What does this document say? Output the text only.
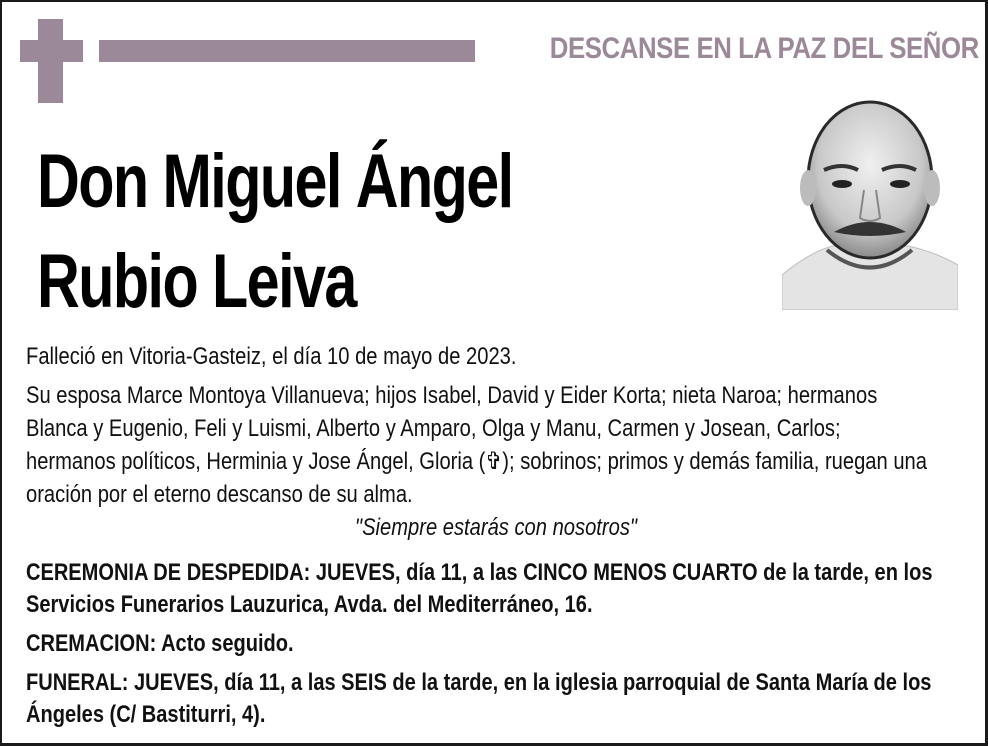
DESCANSE EN LA PAZ DEL SEÑOR
Don Miguel Ángel
Rubio Leiva

Falleció en Vitoria-Gasteiz, el día 10 de mayo de 2023.

Su esposa Marce Montoya Villanueva; hijos Isabel, David y Eider Korta; nieta Naroa; hermanos Blanca y Eugenio, Feli y Luismi, Alberto y Amparo, Olga y Manu, Carmen y Josean, Carlos; hermanos políticos, Herminia y Jose Ángel, Gloria (✞); sobrinos; primos y demás familia, ruegan una oración por el eterno descanso de su alma.

"Siempre estarás con nosotros"

CEREMONIA DE DESPEDIDA: JUEVES, día 11, a las CINCO MENOS CUARTO de la tarde, en los Servicios Funerarios Lauzurica, Avda. del Mediterráneo, 16.

CREMACION: Acto seguido.

FUNERAL: JUEVES, día 11, a las SEIS de la tarde, en la iglesia parroquial de Santa María de los Ángeles (C/ Bastiturri, 4).
